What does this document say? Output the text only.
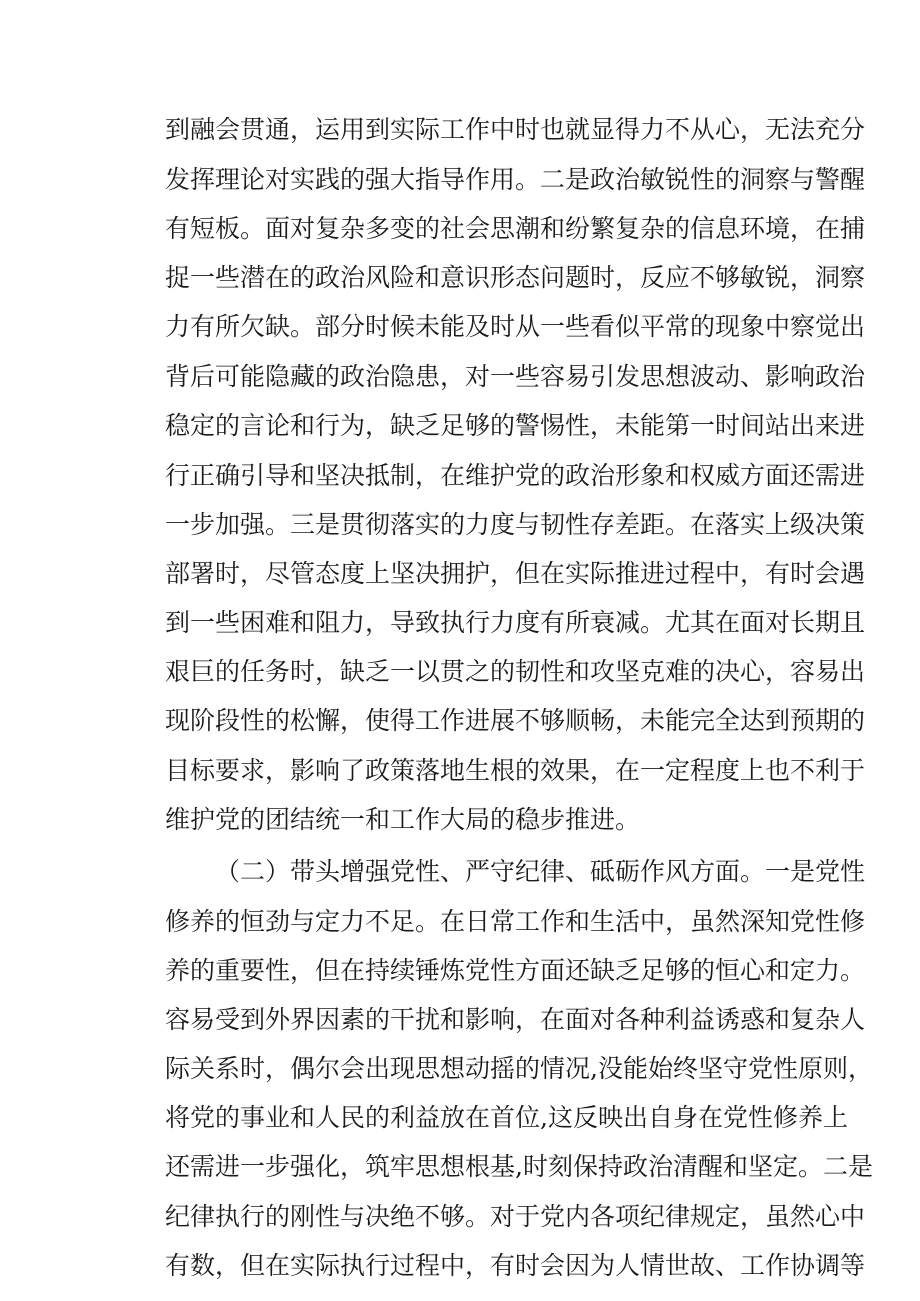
到融会贯通，运用到实际工作中时也就显得力不从心，无法充分
发挥理论对实践的强大指导作用。二是政治敏锐性的洞察与警醒
有短板。面对复杂多变的社会思潮和纷繁复杂的信息环境，在捕
捉一些潜在的政治风险和意识形态问题时，反应不够敏锐，洞察
力有所欠缺。部分时候未能及时从一些看似平常的现象中察觉出
背后可能隐藏的政治隐患，对一些容易引发思想波动、影响政治
稳定的言论和行为，缺乏足够的警惕性，未能第一时间站出来进
行正确引导和坚决抵制，在维护党的政治形象和权威方面还需进
一步加强。三是贯彻落实的力度与韧性存差距。在落实上级决策
部署时，尽管态度上坚决拥护，但在实际推进过程中，有时会遇
到一些困难和阻力，导致执行力度有所衰减。尤其在面对长期且
艰巨的任务时，缺乏一以贯之的韧性和攻坚克难的决心，容易出
现阶段性的松懈，使得工作进展不够顺畅，未能完全达到预期的
目标要求，影响了政策落地生根的效果，在一定程度上也不利于
维护党的团结统一和工作大局的稳步推进。
（二）带头增强党性、严守纪律、砥砺作风方面。一是党性
修养的恒劲与定力不足。在日常工作和生活中，虽然深知党性修
养的重要性，但在持续锤炼党性方面还缺乏足够的恒心和定力。
容易受到外界因素的干扰和影响，在面对各种利益诱惑和复杂人
际关系时，偶尔会出现思想动摇的情况,没能始终坚守党性原则，
将党的事业和人民的利益放在首位,这反映出自身在党性修养上
还需进一步强化，筑牢思想根基,时刻保持政治清醒和坚定。二是
纪律执行的刚性与决绝不够。对于党内各项纪律规定，虽然心中
有数，但在实际执行过程中，有时会因为人情世故、工作协调等
